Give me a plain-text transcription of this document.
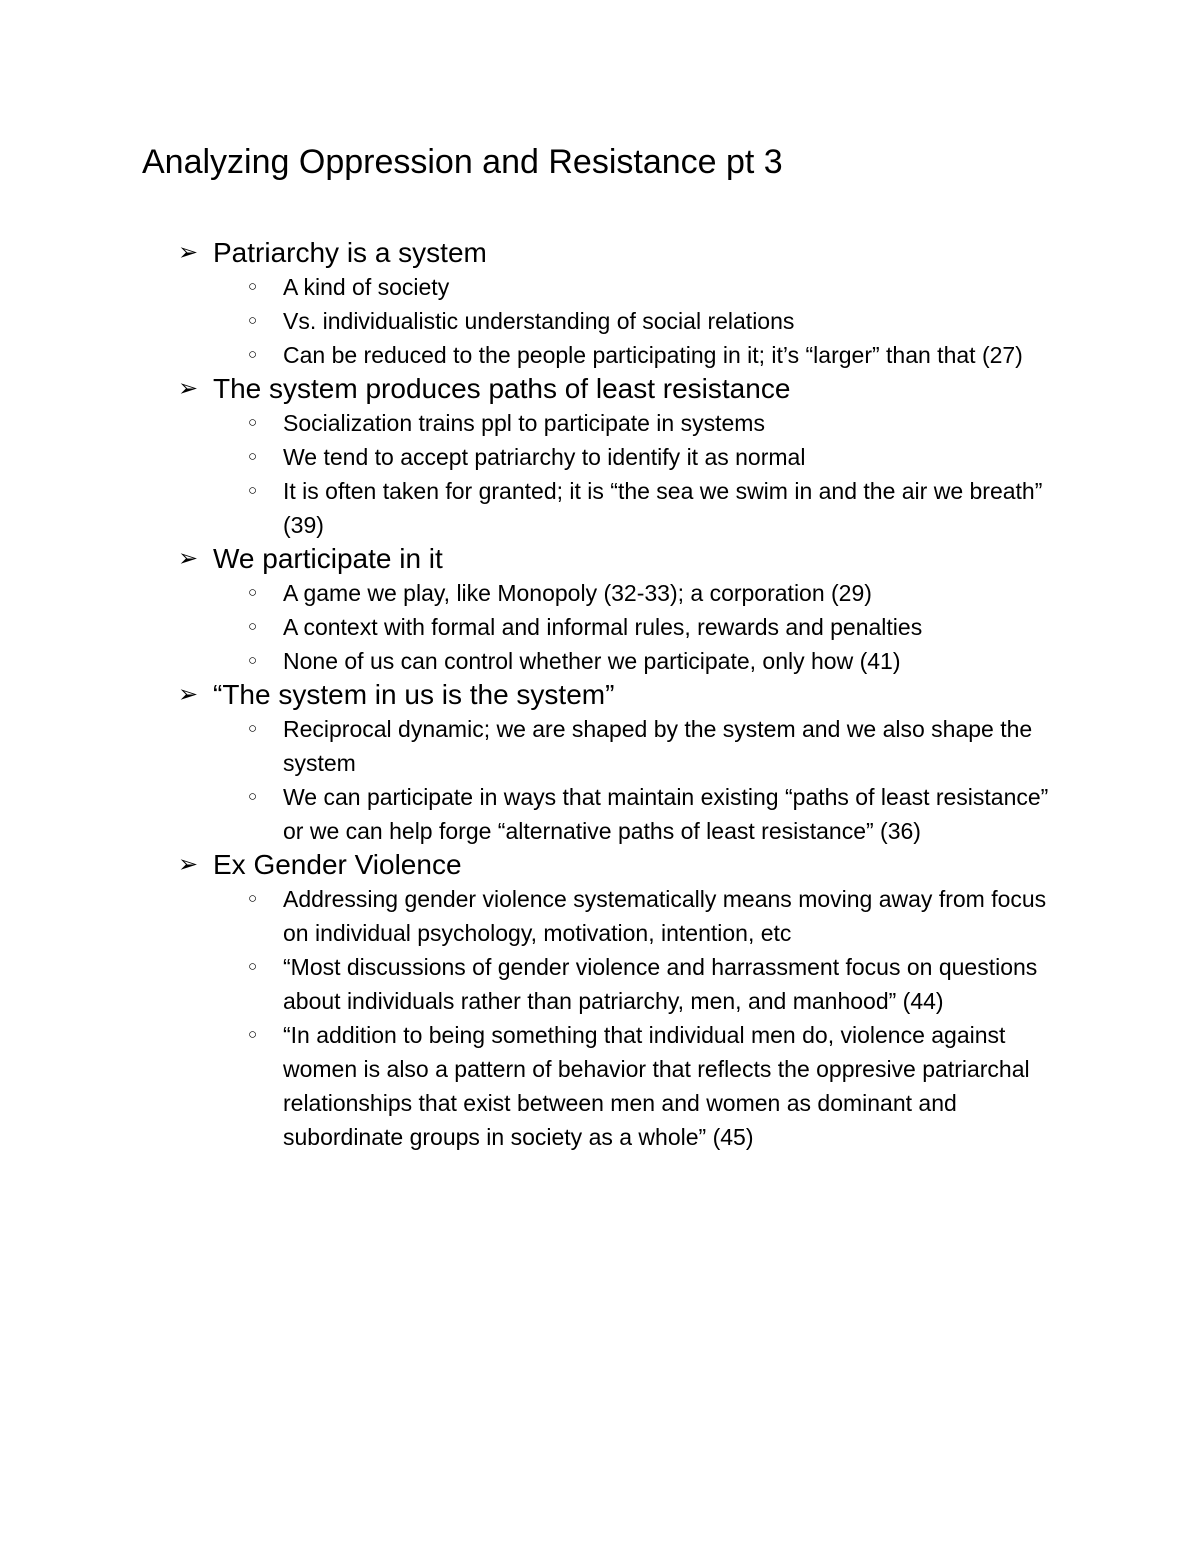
Analyzing Oppression and Resistance pt 3
➢ Patriarchy is a system
○ A kind of society
○ Vs. individualistic understanding of social relations
○ Can be reduced to the people participating in it; it’s “larger” than that (27)
➢ The system produces paths of least resistance
○ Socialization trains ppl to participate in systems
○ We tend to accept patriarchy to identify it as normal
○ It is often taken for granted; it is “the sea we swim in and the air we breath” (39)
➢ We participate in it
○ A game we play, like Monopoly (32-33); a corporation (29)
○ A context with formal and informal rules, rewards and penalties
○ None of us can control whether we participate, only how (41)
➢ “The system in us is the system”
○ Reciprocal dynamic; we are shaped by the system and we also shape the system
○ We can participate in ways that maintain existing “paths of least resistance” or we can help forge “alternative paths of least resistance” (36)
➢ Ex Gender Violence
○ Addressing gender violence systematically means moving away from focus on individual psychology, motivation, intention, etc
○ “Most discussions of gender violence and harrassment focus on questions about individuals rather than patriarchy, men, and manhood” (44)
○ “In addition to being something that individual men do, violence against women is also a pattern of behavior that reflects the oppresive patriarchal relationships that exist between men and women as dominant and subordinate groups in society as a whole” (45)
